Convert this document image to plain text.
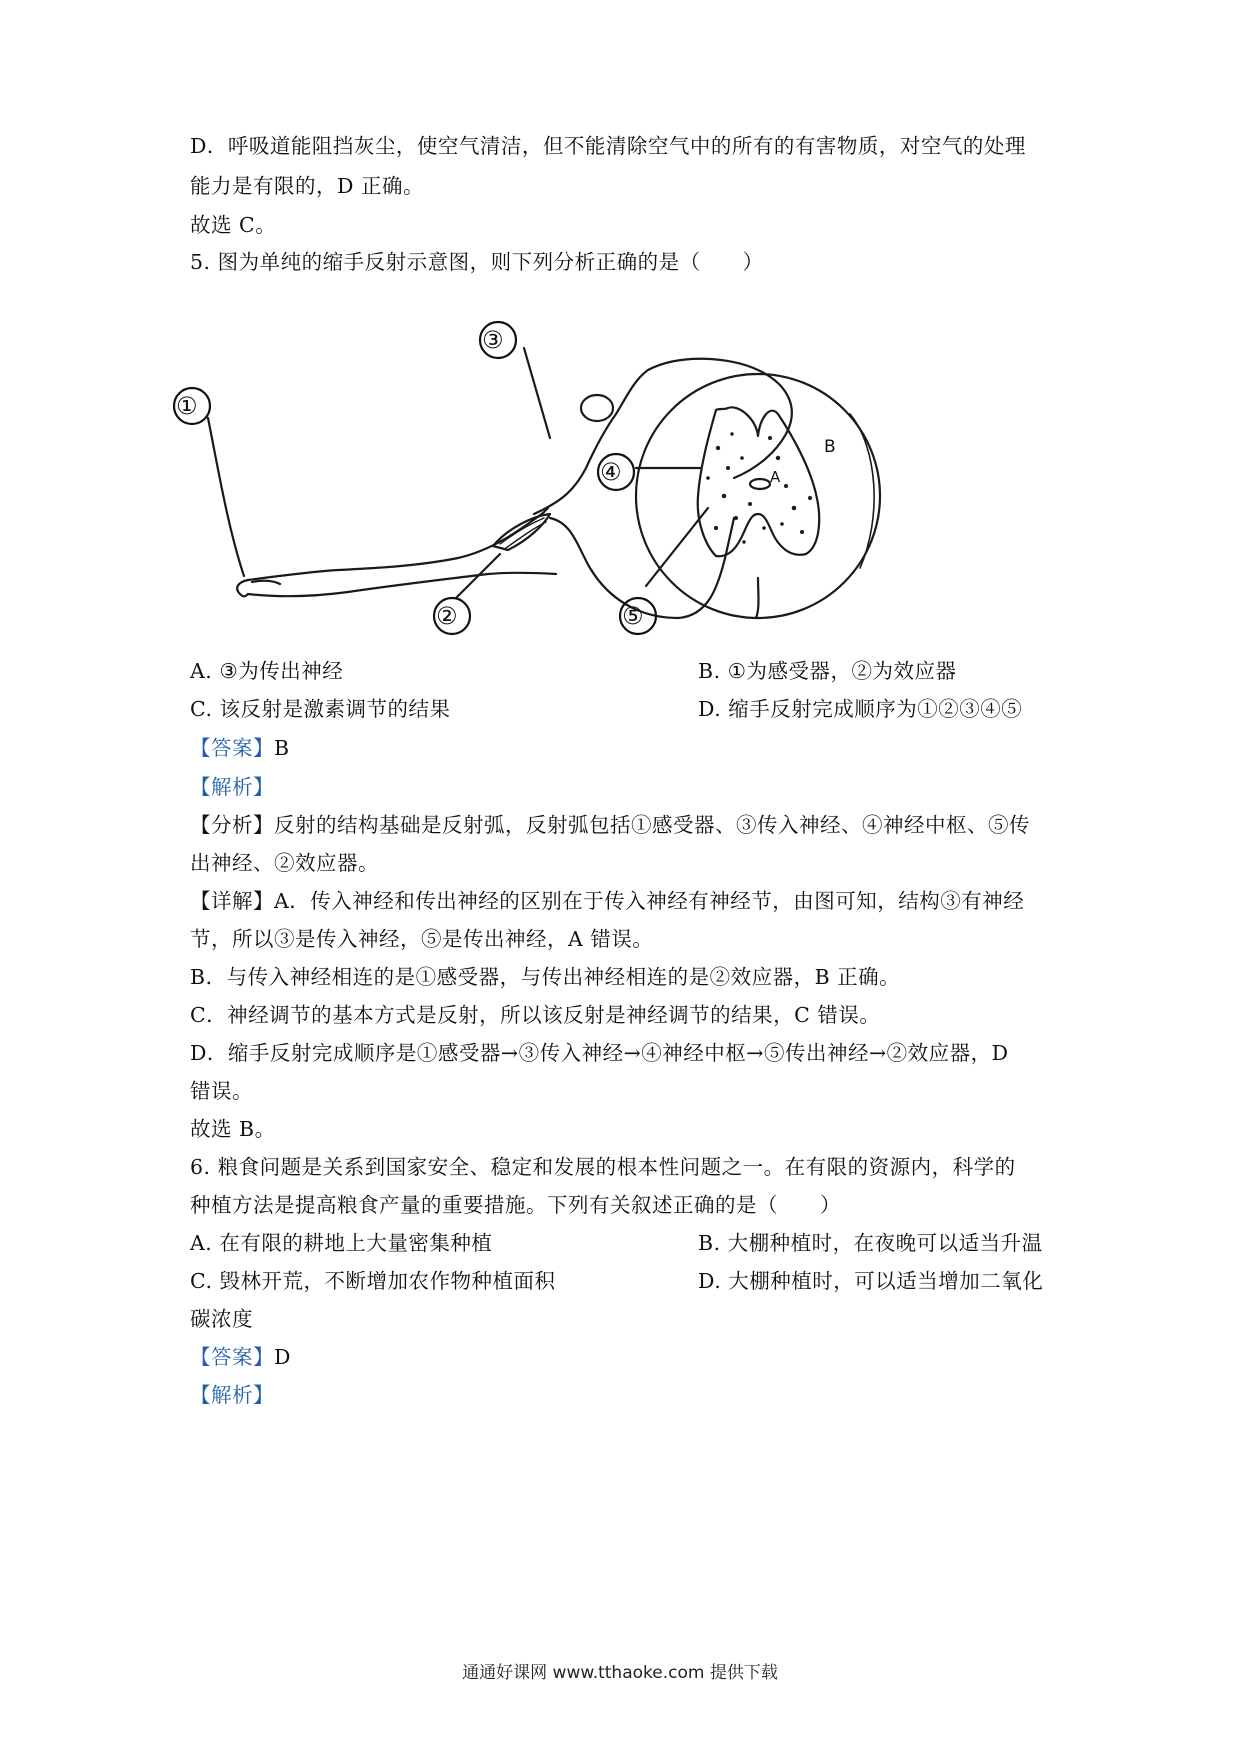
D．呼吸道能阻挡灰尘，使空气清洁，但不能清除空气中的所有的有害物质，对空气的处理
能力是有限的，D 正确。
故选 C。
5. 图为单纯的缩手反射示意图，则下列分析正确的是（　　）
①
②
③
④
⑤
A
B
A. ③为传出神经	B. ①为感受器，②为效应器
C. 该反射是激素调节的结果	D. 缩手反射完成顺序为①②③④⑤
【答案】B
【解析】
【分析】反射的结构基础是反射弧，反射弧包括①感受器、③传入神经、④神经中枢、⑤传
出神经、②效应器。
【详解】A．传入神经和传出神经的区别在于传入神经有神经节，由图可知，结构③有神经
节，所以③是传入神经，⑤是传出神经，A 错误。
B．与传入神经相连的是①感受器，与传出神经相连的是②效应器，B 正确。
C．神经调节的基本方式是反射，所以该反射是神经调节的结果，C 错误。
D．缩手反射完成顺序是①感受器→③传入神经→④神经中枢→⑤传出神经→②效应器，D
错误。
故选 B。
6. 粮食问题是关系到国家安全、稳定和发展的根本性问题之一。在有限的资源内，科学的
种植方法是提高粮食产量的重要措施。下列有关叙述正确的是（　　）
A. 在有限的耕地上大量密集种植	B. 大棚种植时，在夜晚可以适当升温
C. 毁林开荒，不断增加农作物种植面积	D. 大棚种植时，可以适当增加二氧化
碳浓度
【答案】D
【解析】
通通好课网 www.tthaoke.com 提供下载
